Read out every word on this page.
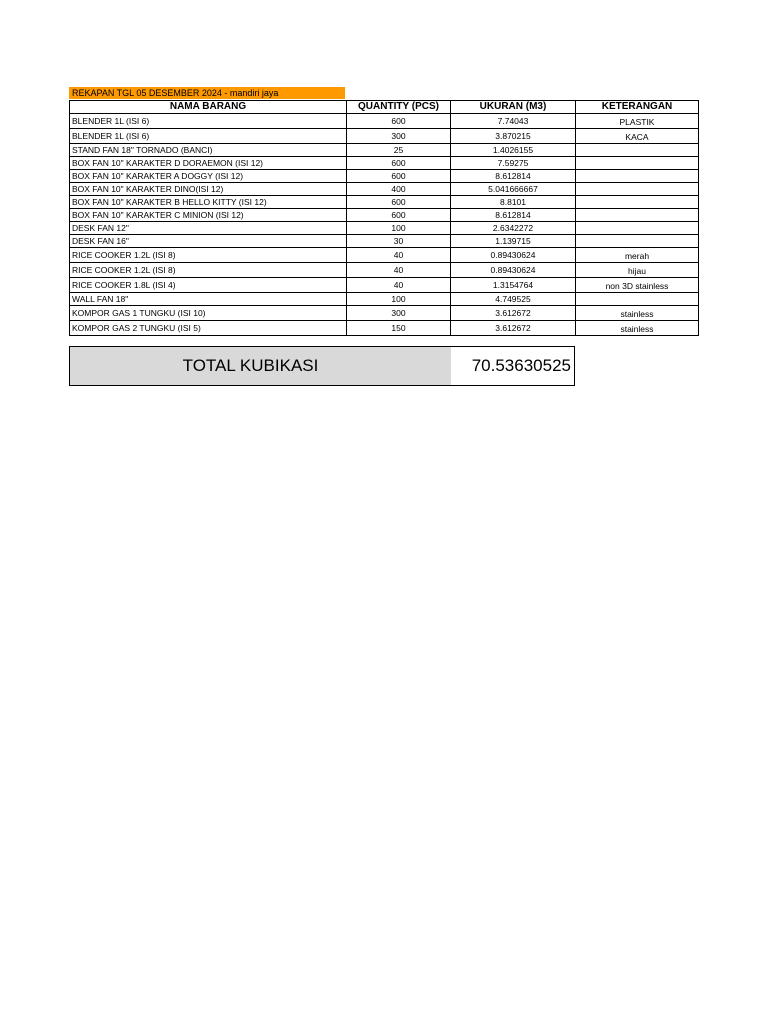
REKAPAN TGL 05 DESEMBER 2024 - mandiri jaya
NAMA BARANG	QUANTITY (PCS)	UKURAN (M3)	KETERANGAN
BLENDER 1L (ISI 6)	600	7.74043	PLASTIK
BLENDER 1L (ISI 6)	300	3.870215	KACA
STAND FAN 18" TORNADO (BANCI)	25	1.4026155	
BOX FAN 10" KARAKTER D DORAEMON (ISI 12)	600	7.59275	
BOX FAN 10" KARAKTER A DOGGY (ISI 12)	600	8.612814	
BOX FAN 10" KARAKTER DINO(ISI 12)	400	5.041666667	
BOX FAN 10" KARAKTER B HELLO KITTY (ISI 12)	600	8.8101	
BOX FAN 10" KARAKTER C MINION (ISI 12)	600	8.612814	
DESK FAN 12"	100	2.6342272	
DESK FAN 16"	30	1.139715	
RICE COOKER 1.2L (ISI 8)	40	0.89430624	merah
RICE COOKER 1.2L (ISI 8)	40	0.89430624	hijau
RICE COOKER 1.8L (ISI 4)	40	1.3154764	non 3D stainless
WALL FAN 18"	100	4.749525	
KOMPOR GAS 1 TUNGKU (ISI 10)	300	3.612672	stainless
KOMPOR GAS 2 TUNGKU (ISI 5)	150	3.612672	stainless
TOTAL KUBIKASI	70.53630525
